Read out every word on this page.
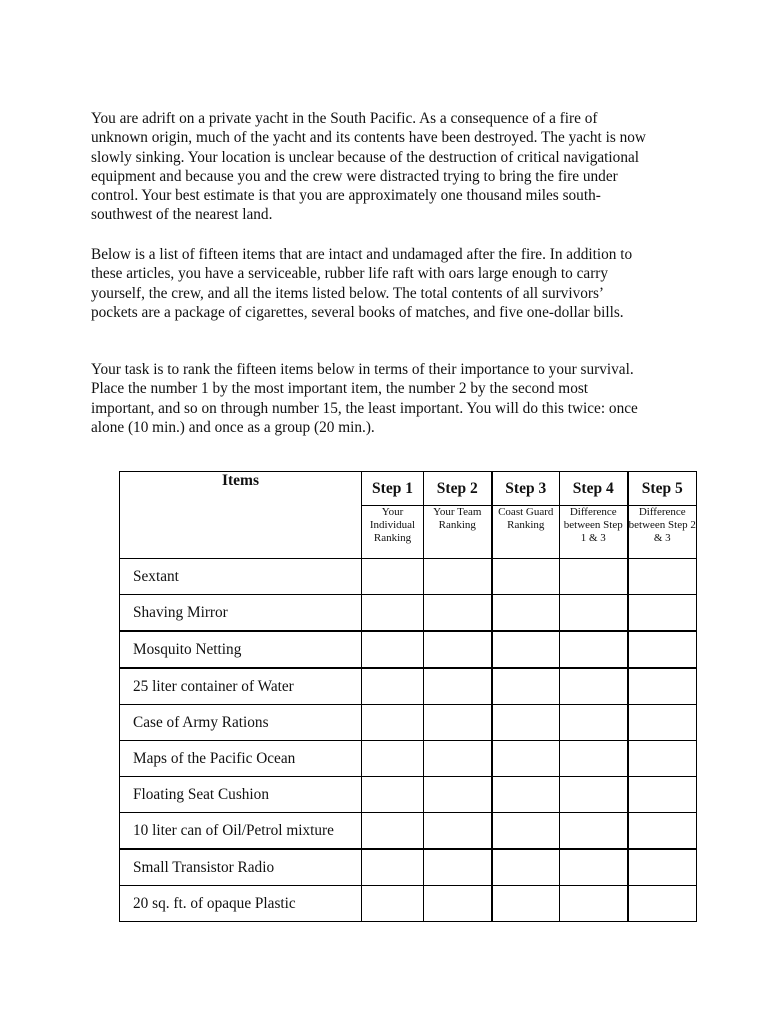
You are adrift on a private yacht in the South Pacific. As a consequence of a fire of unknown origin, much of the yacht and its contents have been destroyed. The yacht is now slowly sinking. Your location is unclear because of the destruction of critical navigational equipment and because you and the crew were distracted trying to bring the fire under control. Your best estimate is that you are approximately one thousand miles south-southwest of the nearest land.

Below is a list of fifteen items that are intact and undamaged after the fire. In addition to these articles, you have a serviceable, rubber life raft with oars large enough to carry yourself, the crew, and all the items listed below. The total contents of all survivors’ pockets are a package of cigarettes, several books of matches, and five one-dollar bills.

Your task is to rank the fifteen items below in terms of their importance to your survival. Place the number 1 by the most important item, the number 2 by the second most important, and so on through number 15, the least important. You will do this twice: once alone (10 min.) and once as a group (20 min.).

Items	Step 1	Step 2	Step 3	Step 4	Step 5
	Your Individual Ranking	Your Team Ranking	Coast Guard Ranking	Difference between Step 1 & 3	Difference between Step 2 & 3
Sextant					
Shaving Mirror					
Mosquito Netting					
25 liter container of Water					
Case of Army Rations					
Maps of the Pacific Ocean					
Floating Seat Cushion					
10 liter can of Oil/Petrol mixture					
Small Transistor Radio					
20 sq. ft. of opaque Plastic					
